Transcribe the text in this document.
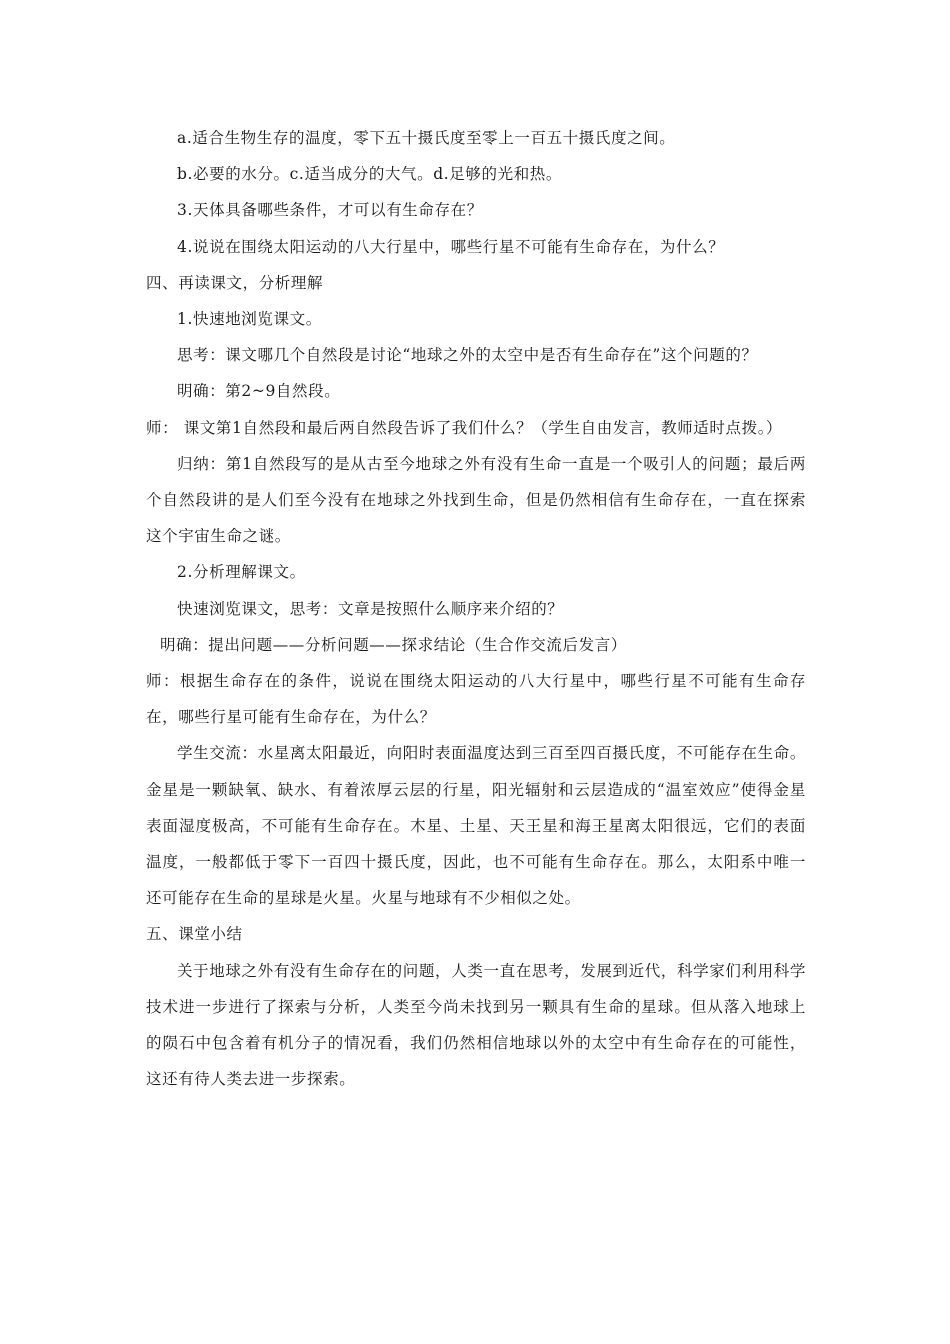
a.适合生物生存的温度，零下五十摄氏度至零上一百五十摄氏度之间。

b.必要的水分。c.适当成分的大气。d.足够的光和热。

3.天体具备哪些条件，才可以有生命存在？

4.说说在围绕太阳运动的八大行星中，哪些行星不可能有生命存在，为什么？

四、再读课文，分析理解

1.快速地浏览课文。

思考：课文哪几个自然段是讨论“地球之外的太空中是否有生命存在”这个问题的？

明确：第2~9自然段。

师： 课文第1自然段和最后两自然段告诉了我们什么？（学生自由发言，教师适时点拨。）

归纳：第1自然段写的是从古至今地球之外有没有生命一直是一个吸引人的问题；最后两个自然段讲的是人们至今没有在地球之外找到生命，但是仍然相信有生命存在，一直在探索这个宇宙生命之谜。

2.分析理解课文。

快速浏览课文，思考：文章是按照什么顺序来介绍的？

明确：提出问题——分析问题——探求结论（生合作交流后发言）

师：根据生命存在的条件，说说在围绕太阳运动的八大行星中，哪些行星不可能有生命存在，哪些行星可能有生命存在，为什么？

学生交流：水星离太阳最近，向阳时表面温度达到三百至四百摄氏度，不可能存在生命。金星是一颗缺氧、缺水、有着浓厚云层的行星，阳光辐射和云层造成的“温室效应”使得金星表面湿度极高，不可能有生命存在。木星、土星、天王星和海王星离太阳很远，它们的表面温度，一般都低于零下一百四十摄氏度，因此，也不可能有生命存在。那么，太阳系中唯一还可能存在生命的星球是火星。火星与地球有不少相似之处。

五、课堂小结

关于地球之外有没有生命存在的问题，人类一直在思考，发展到近代，科学家们利用科学技术进一步进行了探索与分析，人类至今尚未找到另一颗具有生命的星球。但从落入地球上的陨石中包含着有机分子的情况看，我们仍然相信地球以外的太空中有生命存在的可能性，这还有待人类去进一步探索。
